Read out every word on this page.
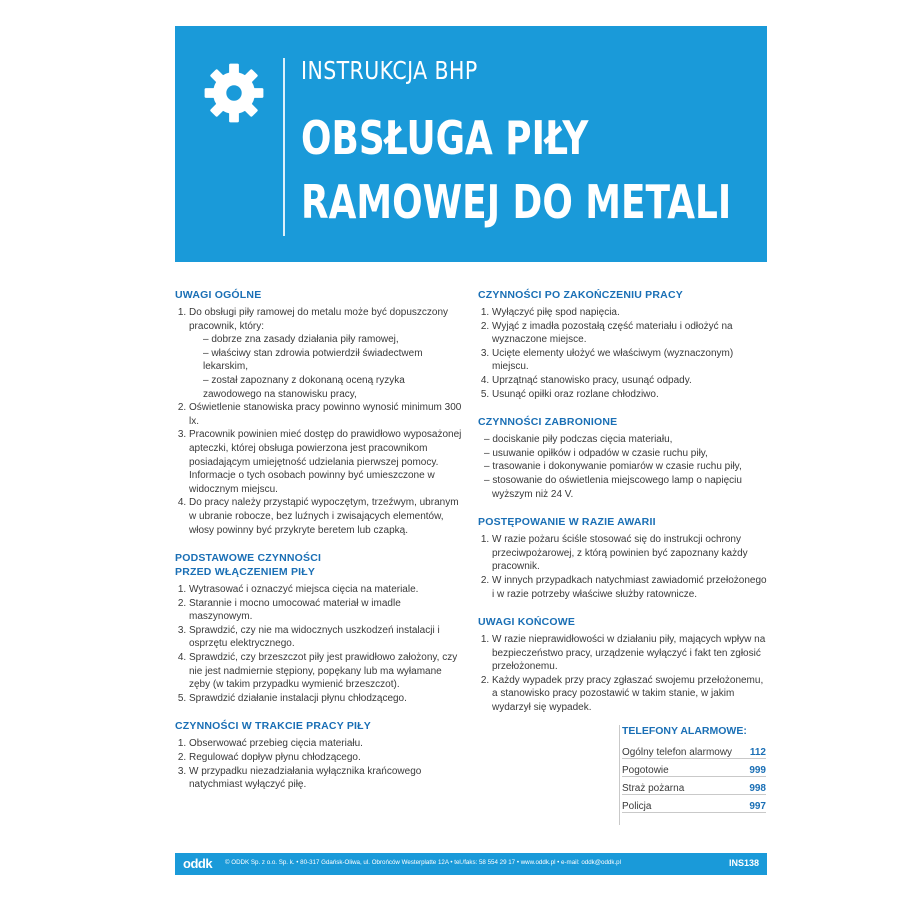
INSTRUKCJA BHP
OBSŁUGA PIŁY
RAMOWEJ DO METALI
UWAGI OGÓLNE
1. Do obsługi piły ramowej do metalu może być dopuszczony pracownik, który:
– dobrze zna zasady działania piły ramowej,
– właściwy stan zdrowia potwierdził świadectwem lekarskim,
– został zapoznany z dokonaną oceną ryzyka zawodowego na stanowisku pracy,
2. Oświetlenie stanowiska pracy powinno wynosić minimum 300 lx.
3. Pracownik powinien mieć dostęp do prawidłowo wyposażonej apteczki, której obsługa powierzona jest pracownikom posiadającym umiejętność udzielania pierwszej pomocy. Informacje o tych osobach powinny być umieszczone w widocznym miejscu.
4. Do pracy należy przystąpić wypoczętym, trzeźwym, ubranym w ubranie robocze, bez luźnych i zwisających elementów, włosy powinny być przykryte beretem lub czapką.
PODSTAWOWE CZYNNOŚCI
PRZED WŁĄCZENIEM PIŁY
1. Wytrasować i oznaczyć miejsca cięcia na materiale.
2. Starannie i mocno umocować materiał w imadle maszynowym.
3. Sprawdzić, czy nie ma widocznych uszkodzeń instalacji i osprzętu elektrycznego.
4. Sprawdzić, czy brzeszczot piły jest prawidłowo założony, czy nie jest nadmiernie stępiony, popękany lub ma wyłamane zęby (w takim przypadku wymienić brzeszczot).
5. Sprawdzić działanie instalacji płynu chłodzącego.
CZYNNOŚCI W TRAKCIE PRACY PIŁY
1. Obserwować przebieg cięcia materiału.
2. Regulować dopływ płynu chłodzącego.
3. W przypadku niezadziałania wyłącznika krańcowego natychmiast wyłączyć piłę.
CZYNNOŚCI PO ZAKOŃCZENIU PRACY
1. Wyłączyć piłę spod napięcia.
2. Wyjąć z imadła pozostałą część materiału i odłożyć na wyznaczone miejsce.
3. Ucięte elementy ułożyć we właściwym (wyznaczonym) miejscu.
4. Uprzątnąć stanowisko pracy, usunąć odpady.
5. Usunąć opiłki oraz rozlane chłodziwo.
CZYNNOŚCI ZABRONIONE
– dociskanie piły podczas cięcia materiału,
– usuwanie opiłków i odpadów w czasie ruchu piły,
– trasowanie i dokonywanie pomiarów w czasie ruchu piły,
– stosowanie do oświetlenia miejscowego lamp o napięciu wyższym niż 24 V.
POSTĘPOWANIE W RAZIE AWARII
1. W razie pożaru ściśle stosować się do instrukcji ochrony przeciwpożarowej, z którą powinien być zapoznany każdy pracownik.
2. W innych przypadkach natychmiast zawiadomić przełożonego i w razie potrzeby właściwe służby ratownicze.
UWAGI KOŃCOWE
1. W razie nieprawidłowości w działaniu piły, mających wpływ na bezpieczeństwo pracy, urządzenie wyłączyć i fakt ten zgłosić przełożonemu.
2. Każdy wypadek przy pracy zgłaszać swojemu przełożonemu, a stanowisko pracy pozostawić w takim stanie, w jakim wydarzył się wypadek.
TELEFONY ALARMOWE:
Ogólny telefon alarmowy 112
Pogotowie	999
Straż pożarna	998
Policja	997
oddk © ODDK Sp. z o.o. Sp. k. • 80-317 Gdańsk-Oliwa, ul. Obrońców Westerplatte 12A • tel./faks: 58 554 29 17 • www.oddk.pl • e-mail: oddk@oddk.pl	INS138
